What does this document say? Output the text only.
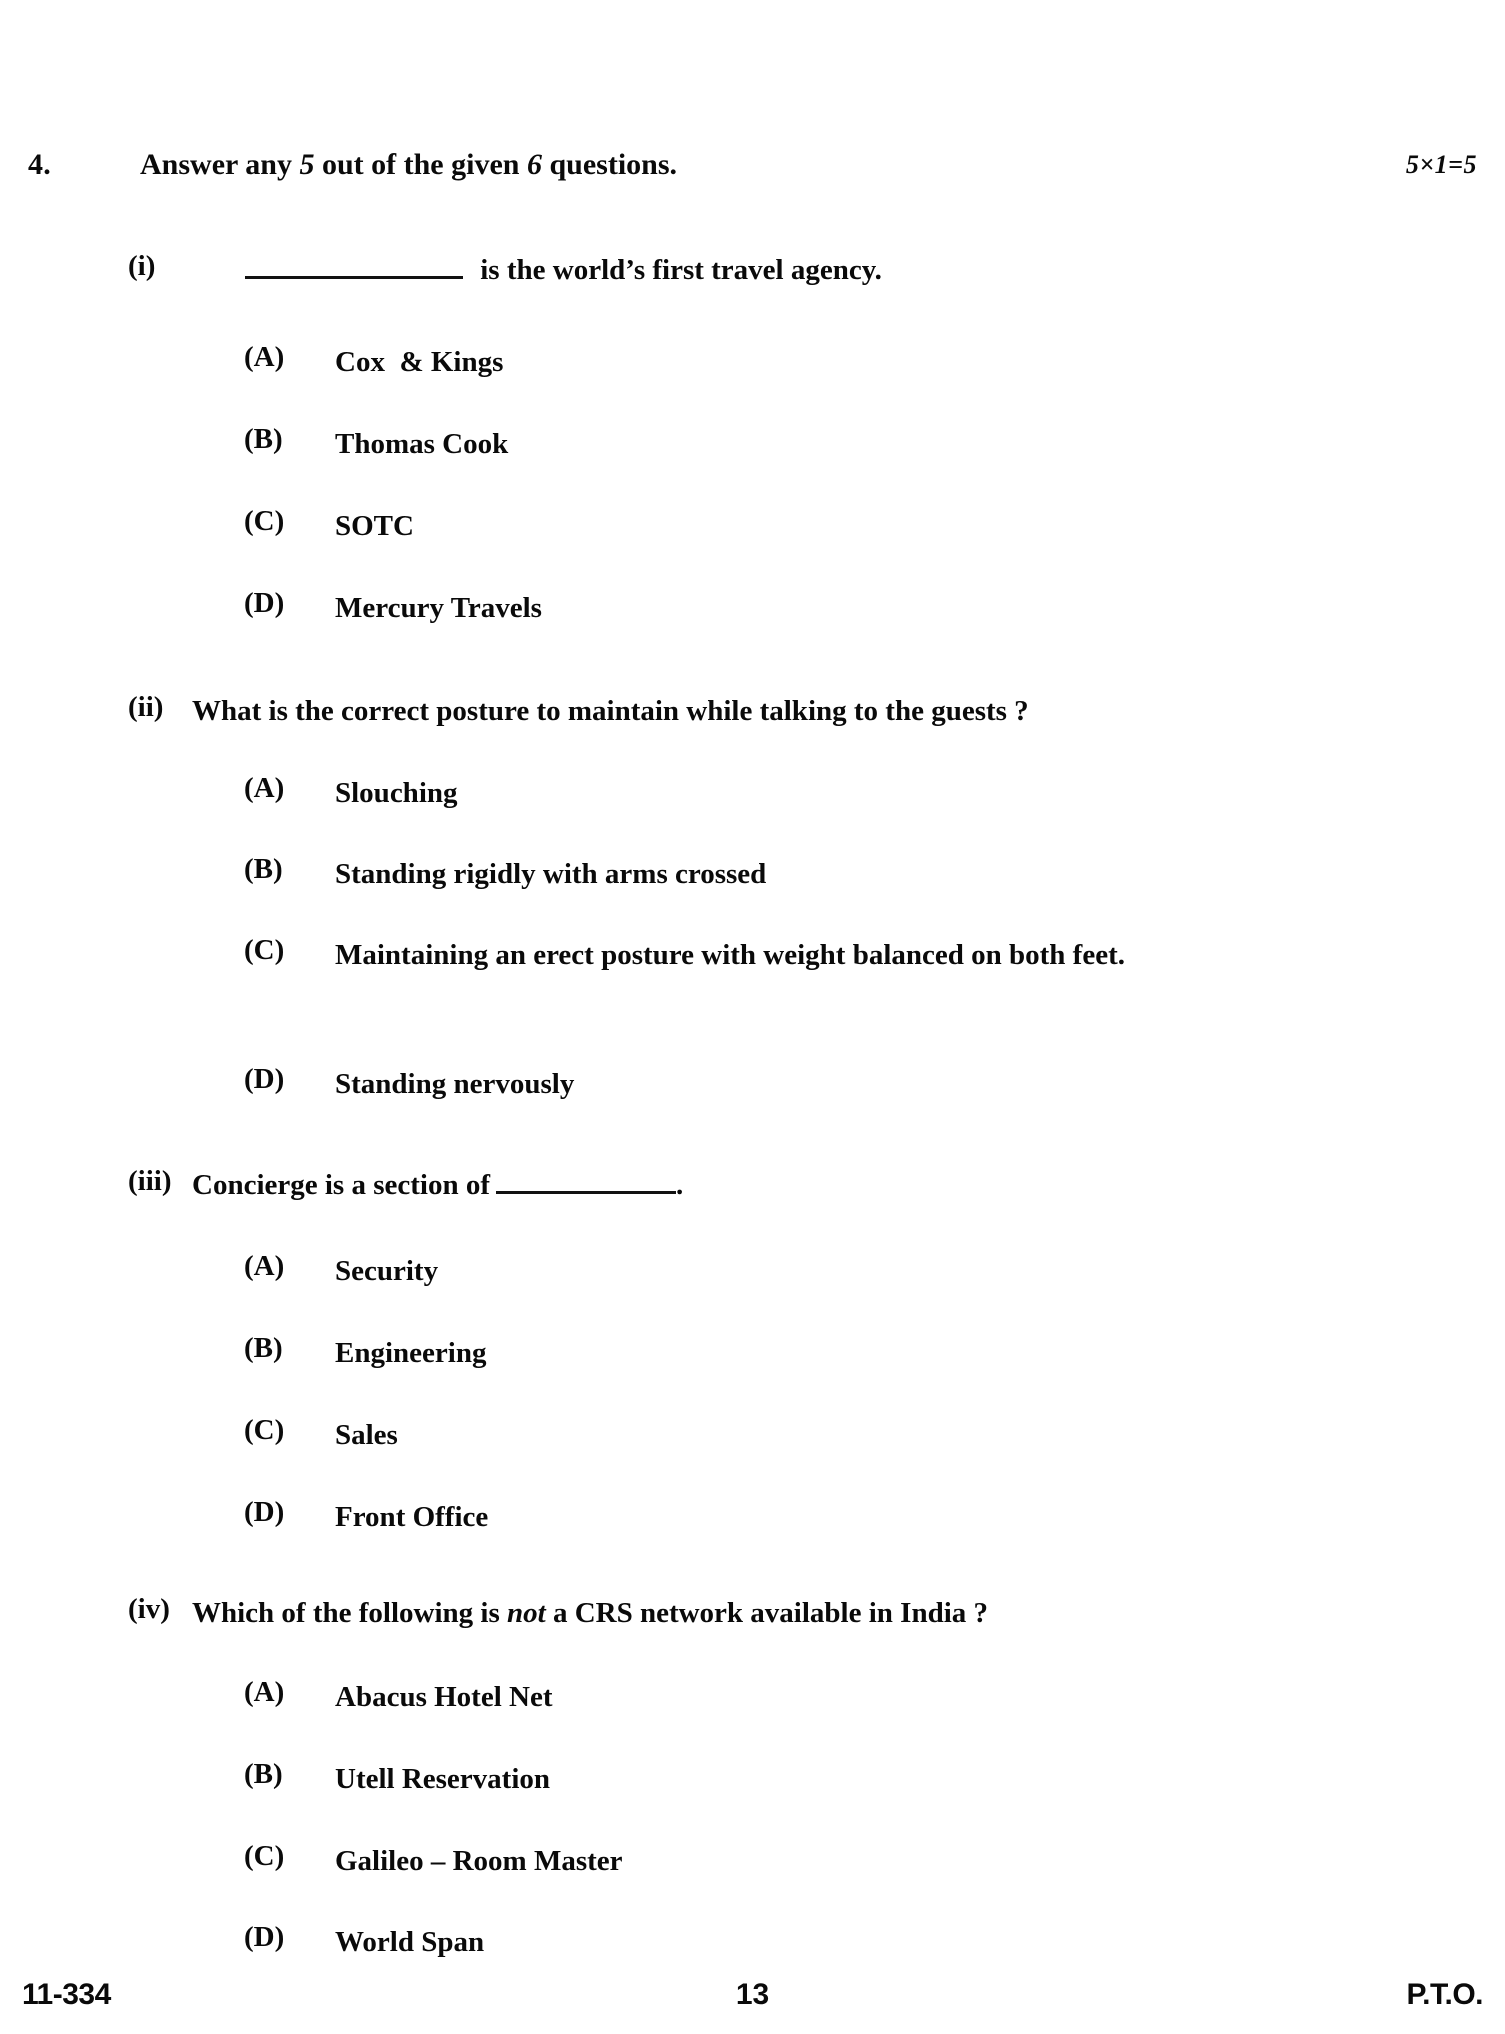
4.	Answer any 5 out of the given 6 questions.	5×1=5
(i)	is the world’s first travel agency.
(A) Cox  & Kings
(B) Thomas Cook
(C) SOTC
(D) Mercury Travels
(ii) What is the correct posture to maintain while talking to the guests ?
(A) Slouching
(B) Standing rigidly with arms crossed
(C) Maintaining an erect posture with weight balanced on both feet.
(D) Standing nervously
(iii) Concierge is a section of	.
(A) Security
(B) Engineering
(C) Sales
(D) Front Office
(iv) Which of the following is not a CRS network available in India ?
(A) Abacus Hotel Net
(B) Utell Reservation
(C) Galileo – Room Master
(D) World Span
11-334	13	P.T.O.
